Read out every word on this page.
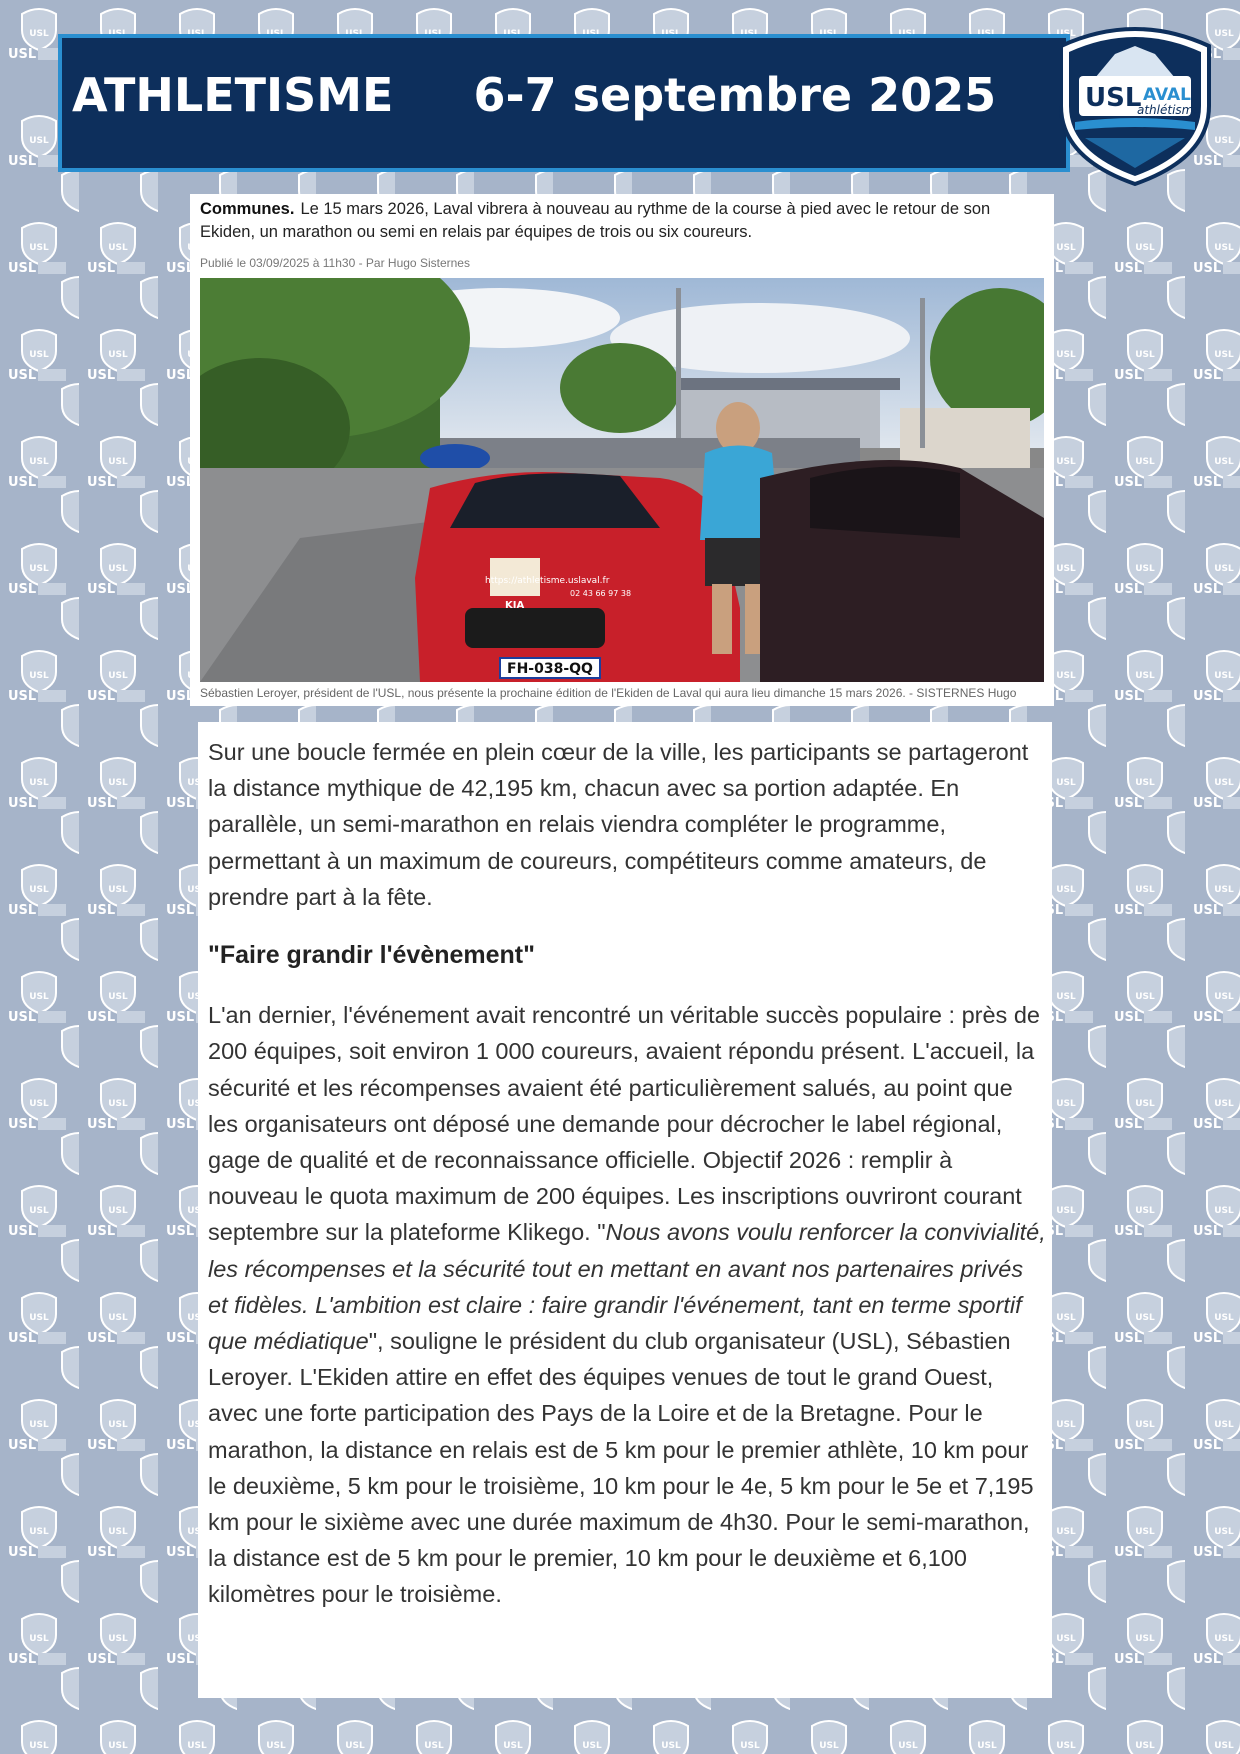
ATHLETISME 6-7 septembre 2025	USL AVAL
athlétisme
Communes. Le 15 mars 2026, Laval vibrera à nouveau au rythme de la course à pied avec le retour de son Ekiden, un marathon ou semi en relais par équipes de trois ou six coureurs.
Publié le 03/09/2025 à 11h30 - Par Hugo Sisternes
FH-038-QQ
KIA
https://athletisme.uslaval.fr
02 43 66 97 38
Sébastien Leroyer, président de l'USL, nous présente la prochaine édition de l'Ekiden de Laval qui aura lieu dimanche 15 mars 2026. - SISTERNES Hugo

Sur une boucle fermée en plein cœur de la ville, les participants se partageront la distance mythique de 42,195 km, chacun avec sa portion adaptée. En parallèle, un semi-marathon en relais viendra compléter le programme, permettant à un maximum de coureurs, compétiteurs comme amateurs, de prendre part à la fête.

"Faire grandir l'évènement"

L'an dernier, l'événement avait rencontré un véritable succès populaire : près de 200 équipes, soit environ 1 000 coureurs, avaient répondu présent. L'accueil, la sécurité et les récompenses avaient été particulièrement salués, au point que les organisateurs ont déposé une demande pour décrocher le label régional, gage de qualité et de reconnaissance officielle. Objectif 2026 : remplir à nouveau le quota maximum de 200 équipes. Les inscriptions ouvriront courant septembre sur la plateforme Klikego. "Nous avons voulu renforcer la convivialité, les récompenses et la sécurité tout en mettant en avant nos partenaires privés et fidèles. L'ambition est claire : faire grandir l'événement, tant en terme sportif que médiatique", souligne le président du club organisateur (USL), Sébastien Leroyer. L'Ekiden attire en effet des équipes venues de tout le grand Ouest, avec une forte participation des Pays de la Loire et de la Bretagne. Pour le marathon, la distance en relais est de 5 km pour le premier athlète, 10 km pour le deuxième, 5 km pour le troisième, 10 km pour le 4e, 5 km pour le 5e et 7,195 km pour le sixième avec une durée maximum de 4h30. Pour le semi-marathon, la distance est de 5 km pour le premier, 10 km pour le deuxième et 6,100 kilomètres pour le troisième.
